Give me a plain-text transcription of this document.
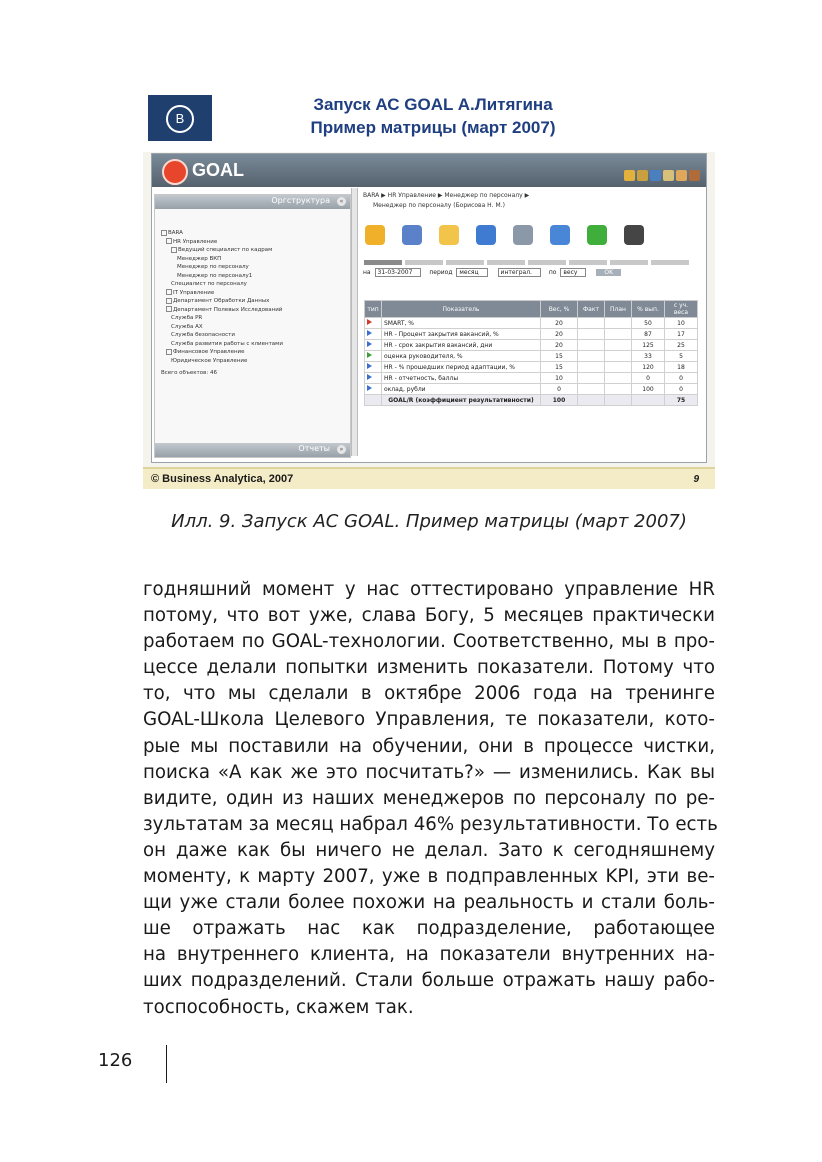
B
Запуск АС GOAL А.Литягина
Пример матрицы (март 2007)
GOAL
Оргструктура	«
BARA
HR Управление
Ведущий специалист по кадрам
Менеджер ВКП
Менеджер по персоналу
Менеджер по персоналу1
Специалист по персоналу
IT Управление
Департамент Обработки Данных
Департамент Полевых Исследований
Служба PR
Служба АХ
Служба безопасности
Служба развития работы с клиентами
Финансовое Управление
Юридическое Управление
Всего объектов: 46
Отчеты	»
BARA ▶ HR Управление ▶ Менеджер по персоналу ▶
Менеджер по персоналу (Борисова Н. М.)
на 31-03-2007	период месяц	интеграл.	по весу	OK
тип	Показатель	Вес, %	Факт	План	% вып.	с уч. веса
	SMART, %	20			50	10
	HR - Процент закрытия вакансий, %	20			87	17
	HR - срок закрытия вакансий, дни	20			125	25
	оценка руководителя, %	15			33	5
	HR - % прошедших период адаптации, %	15			120	18
	HR - отчетность, баллы	10			0	0
	оклад, рубли	0			100	0
	GOAL/R (коэффициент результативности)	100				75
© Business Analytica, 2007	9
Илл. 9. Запуск АС GOAL. Пример матрицы (март 2007)
годняшний момент у нас оттестировано управление HR
потому, что вот уже, слава Богу, 5 месяцев практически
работаем по GOAL-технологии. Соответственно, мы в про-
цессе делали попытки изменить показатели. Потому что
то, что мы сделали в октябре 2006 года на тренинге
GOAL-Школа Целевого Управления, те показатели, кото-
рые мы поставили на обучении, они в процессе чистки,
поиска «А как же это посчитать?» — изменились. Как вы
видите, один из наших менеджеров по персоналу по ре-
зультатам за месяц набрал 46% результативности. То есть
он даже как бы ничего не делал. Зато к сегодняшнему
моменту, к марту 2007, уже в подправленных KPI, эти ве-
щи уже стали более похожи на реальность и стали боль-
ше отражать нас как подразделение, работающее
на внутреннего клиента, на показатели внутренних на-
ших подразделений. Стали больше отражать нашу рабо-
тоспособность, скажем так.
126
